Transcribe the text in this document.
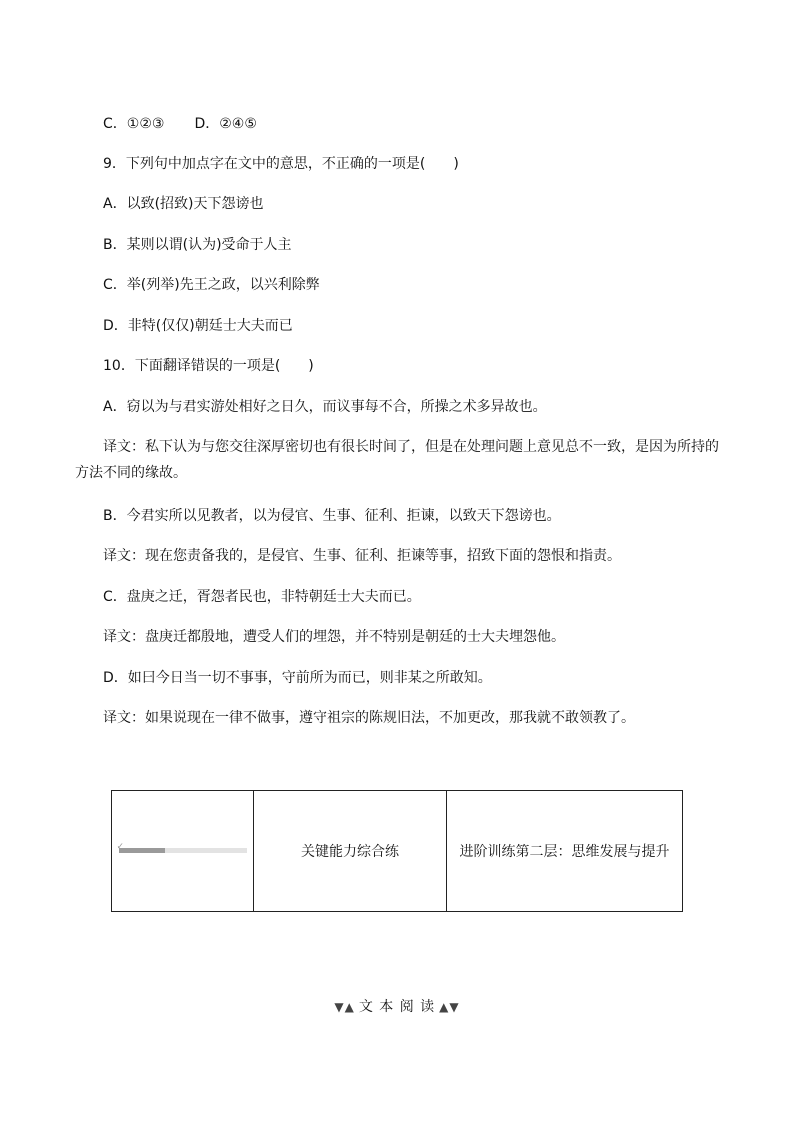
C．①②③ D．②④⑤
9．下列句中加点字在文中的意思，不正确的一项是(　　)
A．以致(招致)天下怨谤也
B．某则以谓(认为)受命于人主
C．举(列举)先王之政，以兴利除弊
D．非特(仅仅)朝廷士大夫而已
10．下面翻译错误的一项是(　　)
A．窃以为与君实游处相好之日久，而议事每不合，所操之术多异故也。
译文：私下认为与您交往深厚密切也有很长时间了，但是在处理问题上意见总不一致，是因为所持的方法不同的缘故。
B．今君实所以见教者，以为侵官、生事、征利、拒谏，以致天下怨谤也。
译文：现在您责备我的，是侵官、生事、征利、拒谏等事，招致下面的怨恨和指责。
C．盘庚之迁，胥怨者民也，非特朝廷士大夫而已。
译文：盘庚迁都殷地，遭受人们的埋怨，并不特别是朝廷的士大夫埋怨他。
D．如曰今日当一切不事事，守前所为而已，则非某之所敢知。
译文：如果说现在一律不做事，遵守祖宗的陈规旧法，不加更改，那我就不敢领教了。
✓	关键能力综合练	进阶训练第二层：思维发展与提升
▼▲ 文 本 阅 读 ▲▼
